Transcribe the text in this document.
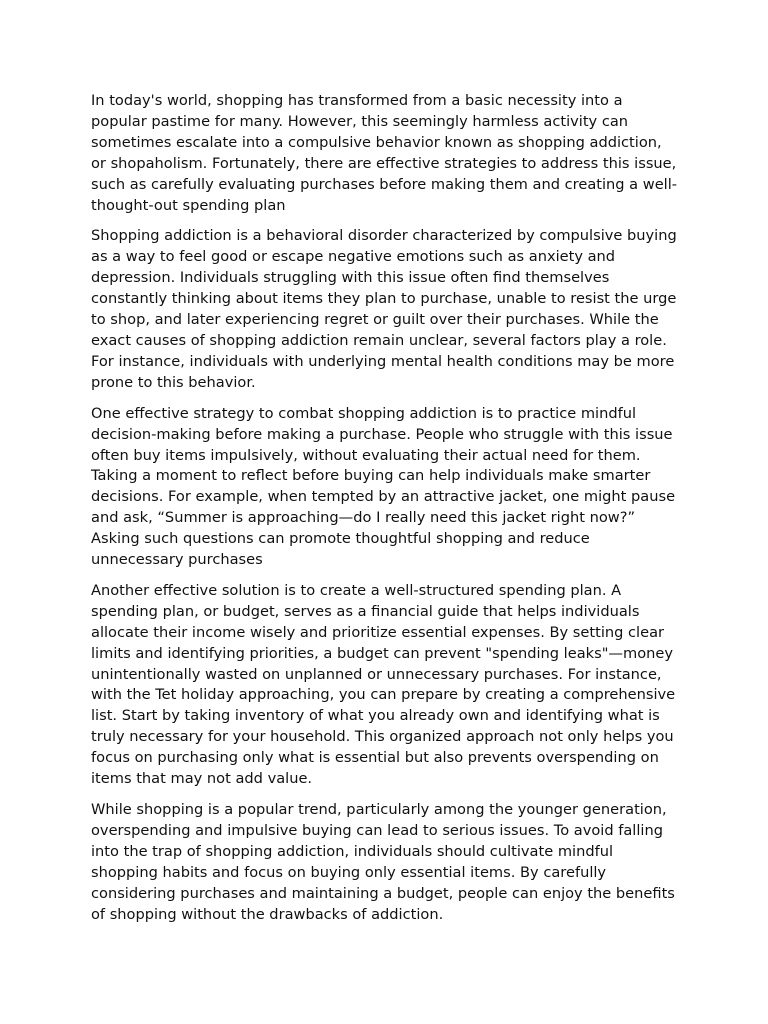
In today's world, shopping has transformed from a basic necessity into a popular pastime for many. However, this seemingly harmless activity can sometimes escalate into a compulsive behavior known as shopping addiction, or shopaholism. Fortunately, there are effective strategies to address this issue, such as carefully evaluating purchases before making them and creating a well-thought-out spending plan

Shopping addiction is a behavioral disorder characterized by compulsive buying as a way to feel good or escape negative emotions such as anxiety and depression. Individuals struggling with this issue often find themselves constantly thinking about items they plan to purchase, unable to resist the urge to shop, and later experiencing regret or guilt over their purchases. While the exact causes of shopping addiction remain unclear, several factors play a role. For instance, individuals with underlying mental health conditions may be more prone to this behavior.

One effective strategy to combat shopping addiction is to practice mindful decision-making before making a purchase. People who struggle with this issue often buy items impulsively, without evaluating their actual need for them. Taking a moment to reflect before buying can help individuals make smarter decisions. For example, when tempted by an attractive jacket, one might pause and ask, “Summer is approaching—do I really need this jacket right now?” Asking such questions can promote thoughtful shopping and reduce unnecessary purchases

Another effective solution is to create a well-structured spending plan. A spending plan, or budget, serves as a financial guide that helps individuals allocate their income wisely and prioritize essential expenses. By setting clear limits and identifying priorities, a budget can prevent "spending leaks"—money unintentionally wasted on unplanned or unnecessary purchases. For instance, with the Tet holiday approaching, you can prepare by creating a comprehensive list. Start by taking inventory of what you already own and identifying what is truly necessary for your household. This organized approach not only helps you focus on purchasing only what is essential but also prevents overspending on items that may not add value.

While shopping is a popular trend, particularly among the younger generation, overspending and impulsive buying can lead to serious issues. To avoid falling into the trap of shopping addiction, individuals should cultivate mindful shopping habits and focus on buying only essential items. By carefully considering purchases and maintaining a budget, people can enjoy the benefits of shopping without the drawbacks of addiction.
